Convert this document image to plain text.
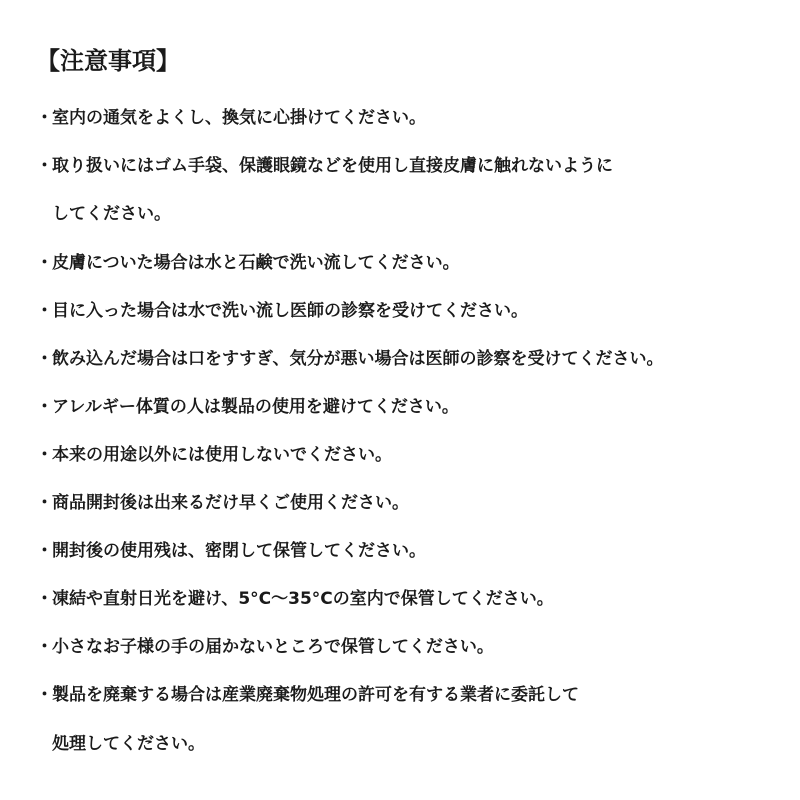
【注意事項】

・室内の通気をよくし、換気に心掛けてください。

・取り扱いにはゴム手袋、保護眼鏡などを使用し直接皮膚に触れないように

してください。

・皮膚についた場合は水と石鹸で洗い流してください。

・目に入った場合は水で洗い流し医師の診察を受けてください。

・飲み込んだ場合は口をすすぎ、気分が悪い場合は医師の診察を受けてください。

・アレルギー体質の人は製品の使用を避けてください。

・本来の用途以外には使用しないでください。

・商品開封後は出来るだけ早くご使用ください。

・開封後の使用残は、密閉して保管してください。

・凍結や直射日光を避け、5°C～35°Cの室内で保管してください。

・小さなお子様の手の届かないところで保管してください。

・製品を廃棄する場合は産業廃棄物処理の許可を有する業者に委託して

処理してください。
